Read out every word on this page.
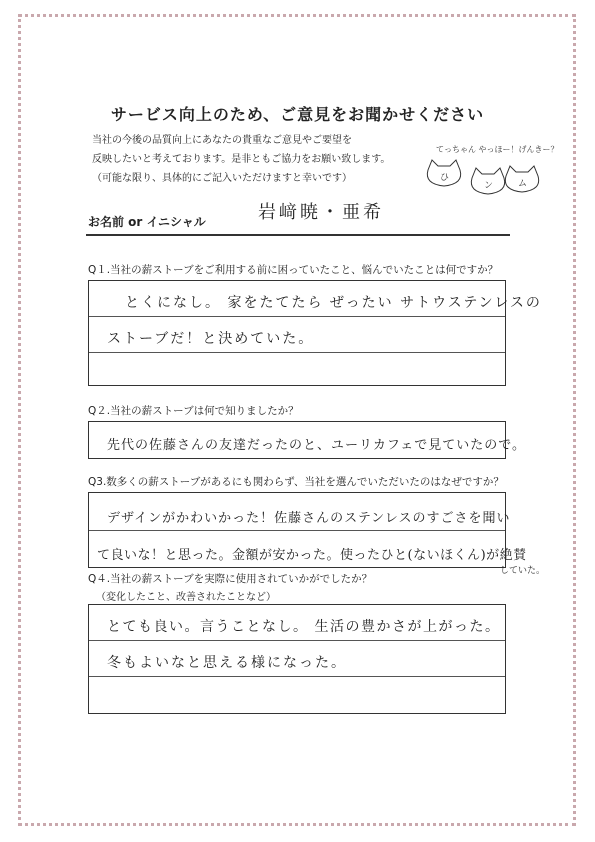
サービス向上のため、ご意見をお聞かせください
当社の今後の品質向上にあなたの貴重なご意見やご要望を
反映したいと考えております。是非ともご協力をお願い致します。
（可能な限り、具体的にご記入いただけますと幸いです）
てっちゃん やっほー！げんきー？
ひ
ン	ム
お名前 or イニシャル	岩﨑暁・亜希
Q１.当社の薪ストーブをご利用する前に困っていたこと、悩んでいたことは何ですか？
とくになし。 家をたてたら ぜったい サトウステンレスの
ストーブだ！と決めていた。
Q２.当社の薪ストーブは何で知りましたか？
先代の佐藤さんの友達だったのと、ユーリカフェで見ていたので。
Q3.数多くの薪ストーブがあるにも関わらず、当社を選んでいただいたのはなぜですか？
デザインがかわいかった！佐藤さんのステンレスのすごさを聞い
て良いな！と思った。金額が安かった。使ったひと(ないほくん)が絶賛
していた。
Q４.当社の薪ストーブを実際に使用されていかがでしたか？
（変化したこと、改善されたことなど）
とても良い。言うことなし。 生活の豊かさが上がった。
冬もよいなと思える様になった。
